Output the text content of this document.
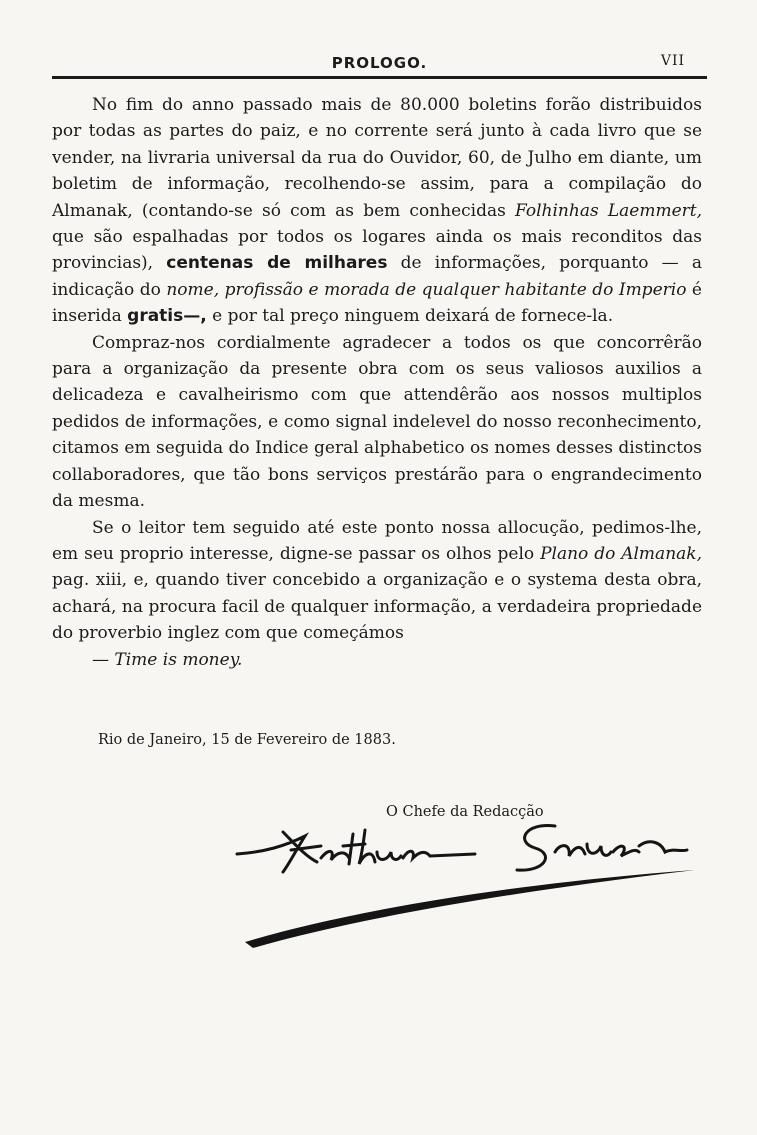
PROLOGO.	VII

No fim do anno passado mais de 80.000 boletins forão distribuidos por todas as partes do paiz, e no corrente será junto à cada livro que se vender, na livraria universal da rua do Ouvidor, 60, de Julho em diante, um boletim de informação, recolhendo-se assim, para a compilação do Almanak, (contando-se só com as bem conhecidas Folhinhas Laemmert, que são espalhadas por todos os logares ainda os mais reconditos das provincias), centenas de milhares de informações, porquanto — a indicação do nome, profissão e morada de qualquer habitante do Imperio é inserida gratis—, e por tal preço ninguem deixará de fornece-la.

Compraz-nos cordialmente agradecer a todos os que concorrêrão para a organização da presente obra com os seus valiosos auxilios a delicadeza e cavalheirismo com que attendêrão aos nossos multiplos pedidos de informações, e como signal indelevel do nosso reconhecimento, citamos em seguida do Indice geral alphabetico os nomes desses distinctos collaboradores, que tão bons serviços prestárão para o engrandecimento da mesma.

Se o leitor tem seguido até este ponto nossa allocução, pedimos-lhe, em seu proprio interesse, digne-se passar os olhos pelo Plano do Almanak, pag. xiii, e, quando tiver concebido a organização e o systema desta obra, achará, na procura facil de qualquer informação, a verdadeira propriedade do proverbio inglez com que começámos

— Time is money.

Rio de Janeiro, 15 de Fevereiro de 1883.
O Chefe da Redacção
